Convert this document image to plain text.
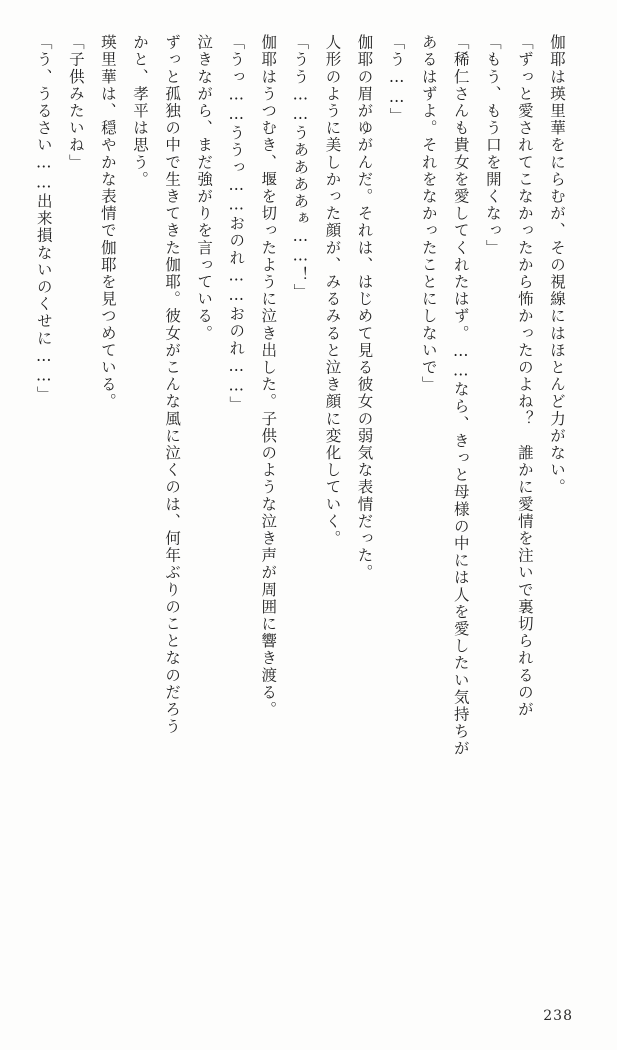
伽耶は瑛里華をにらむが、その視線にはほとんど力がない。

「ずっと愛されてこなかったから怖かったのよね？　誰かに愛情を注いで裏切られるのが

「もう、もう口を開くなっ」

「稀仁さんも貴女を愛してくれたはず。……なら、きっと母様の中には人を愛したい気持ちが

あるはずよ。それをなかったことにしないで」

「う……」

伽耶の眉がゆがんだ。それは、はじめて見る彼女の弱気な表情だった。

人形のように美しかった顔が、みるみると泣き顔に変化していく。

「うう……うああああぁ……！」

伽耶はうつむき、堰を切ったように泣き出した。子供のような泣き声が周囲に響き渡る。

「うっ……ううっ……おのれ……おのれ……」

泣きながら、まだ強がりを言っている。

ずっと孤独の中で生きてきた伽耶。彼女がこんな風に泣くのは、何年ぶりのことなのだろう

かと、孝平は思う。

瑛里華は、穏やかな表情で伽耶を見つめている。

「子供みたいね」

「う、うるさい……出来損ないのくせに……」

238
